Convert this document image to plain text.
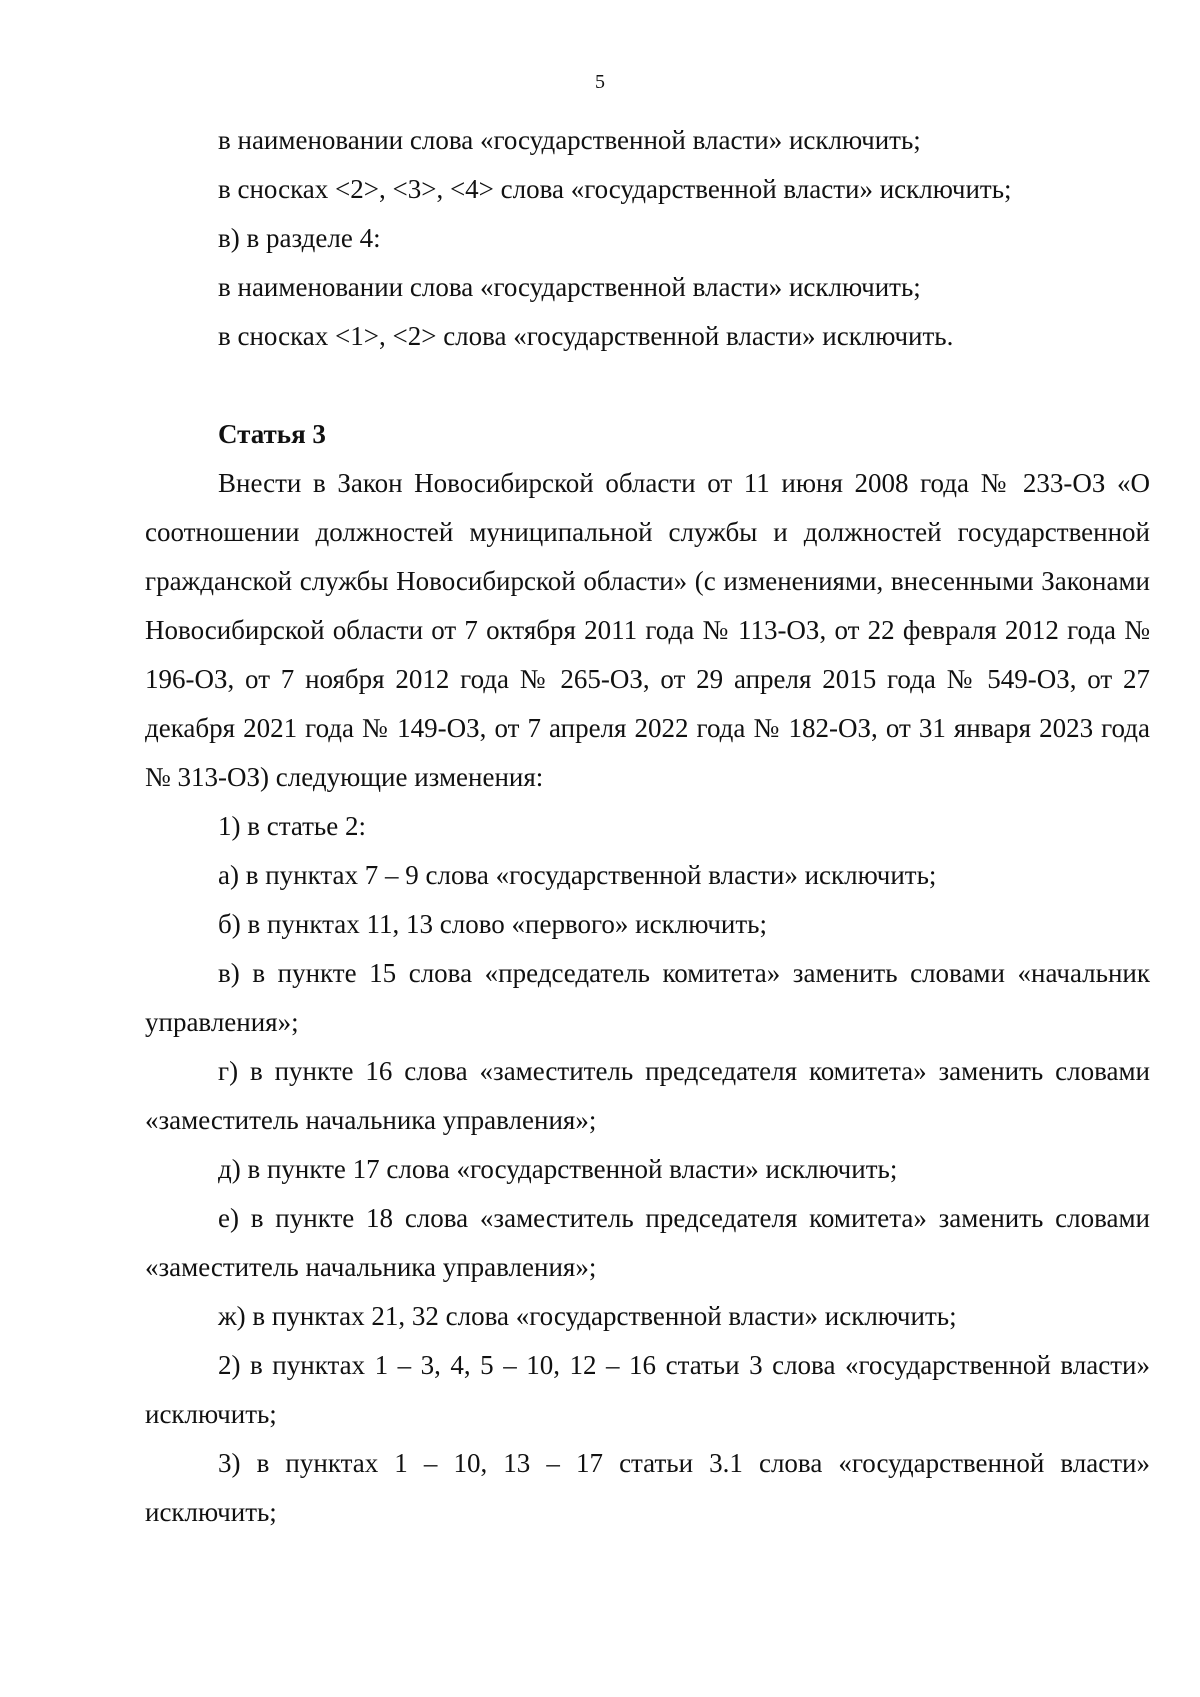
5

в наименовании слова «государственной власти» исключить;

в сносках <2>, <3>, <4> слова «государственной власти» исключить;

в) в разделе 4:

в наименовании слова «государственной власти» исключить;

в сносках <1>, <2> слова «государственной власти» исключить.

Статья 3

Внести в Закон Новосибирской области от 11 июня 2008 года № 233-ОЗ «О соотношении должностей муниципальной службы и должностей государственной гражданской службы Новосибирской области» (с изменениями, внесенными Законами Новосибирской области от 7 октября 2011 года № 113-ОЗ, от 22 февраля 2012 года № 196-ОЗ, от 7 ноября 2012 года № 265-ОЗ, от 29 апреля 2015 года № 549-ОЗ, от 27 декабря 2021 года № 149-ОЗ, от 7 апреля 2022 года № 182-ОЗ, от 31 января 2023 года № 313-ОЗ) следующие изменения:

1) в статье 2:

а) в пунктах 7 – 9 слова «государственной власти» исключить;

б) в пунктах 11, 13 слово «первого» исключить;

в) в пункте 15 слова «председатель комитета» заменить словами «начальник управления»;

г) в пункте 16 слова «заместитель председателя комитета» заменить словами «заместитель начальника управления»;

д) в пункте 17 слова «государственной власти» исключить;

е) в пункте 18 слова «заместитель председателя комитета» заменить словами «заместитель начальника управления»;

ж) в пунктах 21, 32 слова «государственной власти» исключить;

2) в пунктах 1 – 3, 4, 5 – 10, 12 – 16 статьи 3 слова «государственной власти» исключить;

3) в пунктах 1 – 10, 13 – 17 статьи 3.1 слова «государственной власти» исключить;
